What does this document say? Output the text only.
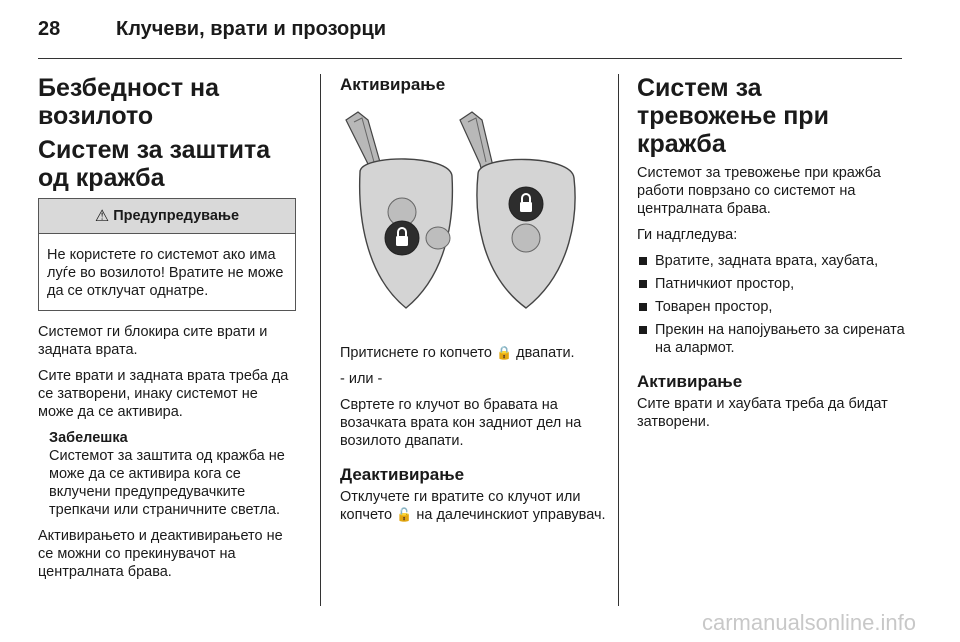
28	Клучеви, врати и прозорци
Безбедност на возилото
Систем за заштита од кражба
⚠ Предупредување
Не користете го системот ако има луѓе во возилото! Вратите не може да се отклучат однатре.

Системот ги блокира сите врати и задната врата.

Сите врати и задната врата треба да се затворени, инаку системот не може да се активира.

Забелешка
Системот за заштита од кражба не може да се активира кога се вклучени предупредувачките трепкачи или страничните светла.

Активирањето и деактивирањето не се можни со прекинувачот на централната брава.

Активирање

Притиснете го копчето 🔒 двапати.

- или -

Свртете го клучот во бравата на возачката врата кон задниот дел на возилото двапати.

Деактивирање

Отклучете ги вратите со клучот или копчето 🔓 на далечинскиот управувач.

Систем за тревожење при кражба

Системот за тревожење при кражба работи поврзано со системот на централната брава.

Ги надгледува:

Вратите, задната врата, хаубата,
Патничкиот простор,
Товарен простор,
Прекин на напојувањето за сирената на алармот.
Активирање

Сите врати и хаубата треба да бидат затворени.

carmanualsonline.info
